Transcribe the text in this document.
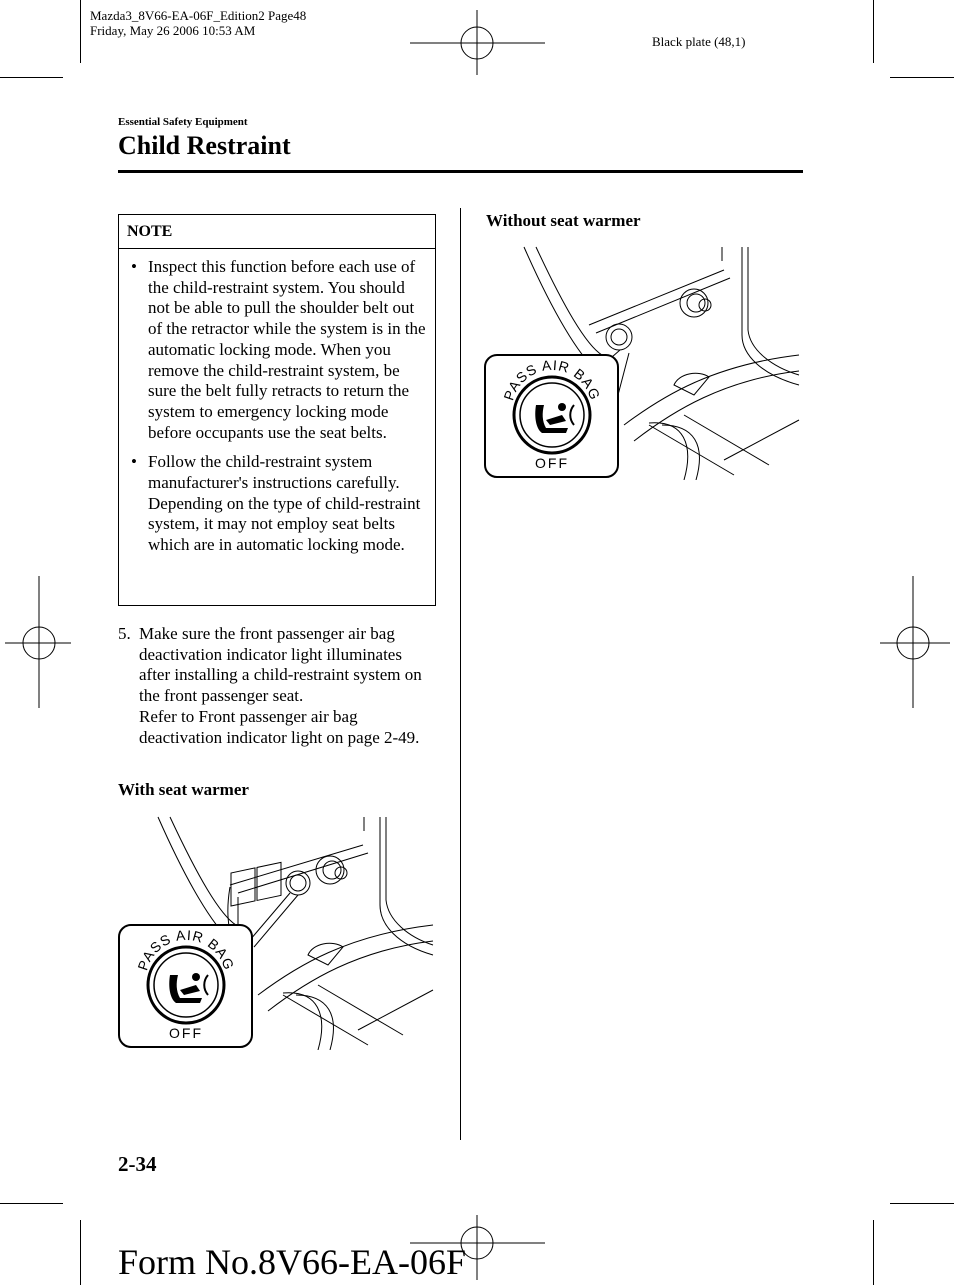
Mazda3_8V66-EA-06F_Edition2 Page48
Friday, May 26 2006 10:53 AM
Black plate (48,1)
Essential Safety Equipment
Child Restraint
NOTE
• Inspect this function before each use of the child-restraint system. You should not be able to pull the shoulder belt out of the retractor while the system is in the automatic locking mode. When you remove the child-restraint system, be sure the belt fully retracts to return the system to emergency locking mode before occupants use the seat belts.
• Follow the child-restraint system manufacturer's instructions carefully. Depending on the type of child-restraint system, it may not employ seat belts which are in automatic locking mode.
5. Make sure the front passenger air bag deactivation indicator light illuminates after installing a child-restraint system on the front passenger seat.
Refer to Front passenger air bag deactivation indicator light on page 2-49.
With seat warmer
PASS AIR BAG
OFF
Without seat warmer
PASS AIR BAG
OFF
2-34
Form No.8V66-EA-06F
